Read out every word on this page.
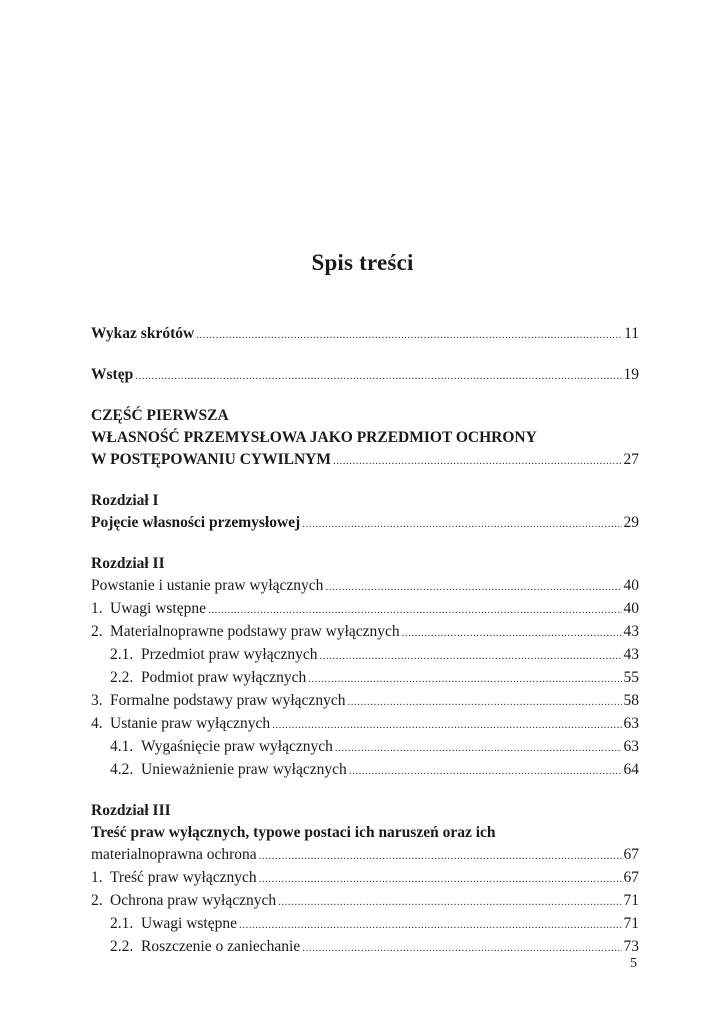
Spis treści
Wykaz skrótów .....	11
Wstęp .....	19
CZĘŚĆ PIERWSZA
WŁASNOŚĆ PRZEMYSŁOWA JAKO PRZEDMIOT OCHRONY
W POSTĘPOWANIU CYWILNYM .....	27
Rozdział I
Pojęcie własności przemysłowej .....	29
Rozdział II
Powstanie i ustanie praw wyłącznych .....	40
1. Uwagi wstępne .....	40
2. Materialnoprawne podstawy praw wyłącznych .....	43
2.1. Przedmiot praw wyłącznych .....	43
2.2. Podmiot praw wyłącznych .....	55
3. Formalne podstawy praw wyłącznych .....	58
4. Ustanie praw wyłącznych .....	63
4.1. Wygaśnięcie praw wyłącznych .....	63
4.2. Unieważnienie praw wyłącznych .....	64
Rozdział III
Treść praw wyłącznych, typowe postaci ich naruszeń oraz ich
materialnoprawna ochrona .....	67
1. Treść praw wyłącznych .....	67
2. Ochrona praw wyłącznych .....	71
2.1. Uwagi wstępne .....	71
2.2. Roszczenie o zaniechanie .....	73
5
